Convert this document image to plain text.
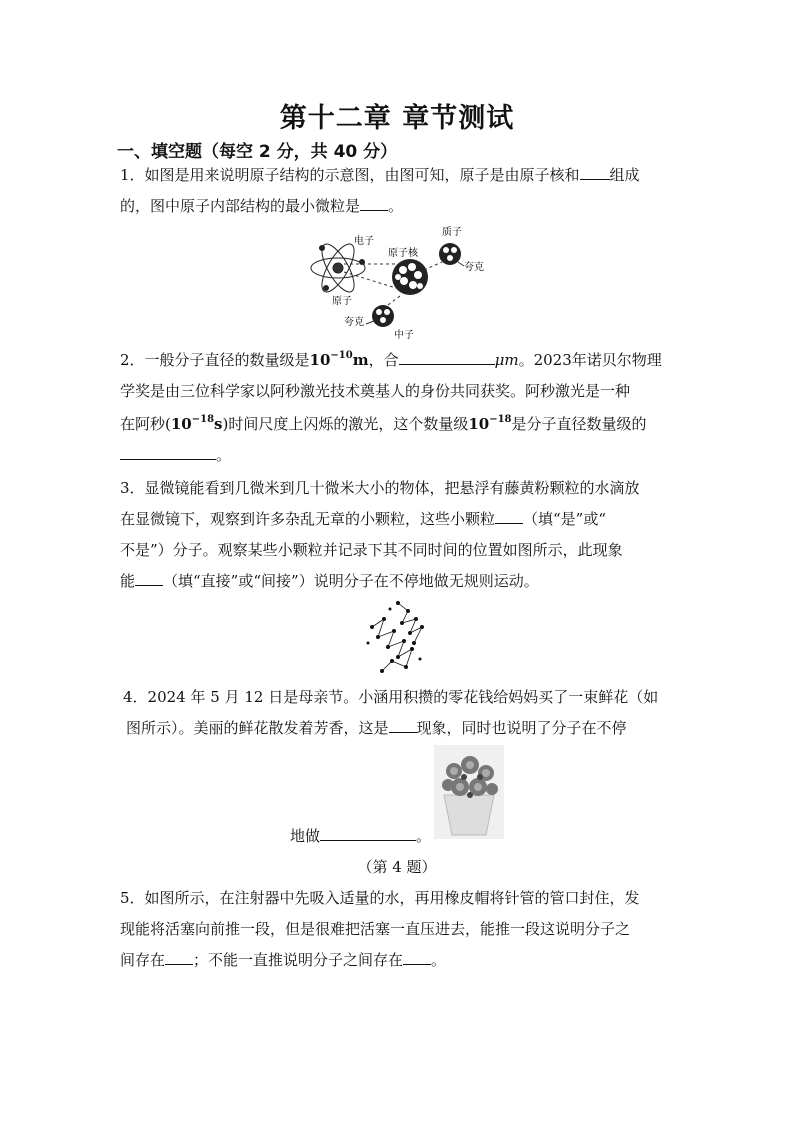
第十二章 章节测试
一、填空题（每空 2 分，共 40 分）
1．如图是用来说明原子结构的示意图，由图可知，原子是由原子核和 组成
的，图中原子内部结构的最小微粒是 。
电子
原子核
质子
夸克
原子
夸克
中子
2．一般分子直径的数量级是$10^{-10}m$，合	μm。2023年诺贝尔物理
学奖是由三位科学家以阿秒激光技术奠基人的身份共同获奖。阿秒激光是一种
在阿秒$(10^{-18}s)$时间尺度上闪烁的激光，这个数量级$10^{-18}$是分子直径数量级的
。
3．显微镜能看到几微米到几十微米大小的物体，把悬浮有藤黄粉颗粒的水滴放
在显微镜下，观察到许多杂乱无章的小颗粒，这些小颗粒 （填“是”或“
不是”）分子。观察某些小颗粒并记录下其不同时间的位置如图所示，此现象
能 （填“直接”或“间接”）说明分子在不停地做无规则运动。
4．2024 年 5 月 12 日是母亲节。小涵用积攒的零花钱给妈妈买了一束鲜花（如
图所示）。美丽的鲜花散发着芳香，这是 现象，同时也说明了分子在不停
地做	。
（第 4 题）
5．如图所示，在注射器中先吸入适量的水，再用橡皮帽将针管的管口封住，发
现能将活塞向前推一段，但是很难把活塞一直压进去，能推一段这说明分子之
间存在 ；不能一直推说明分子之间存在 。
